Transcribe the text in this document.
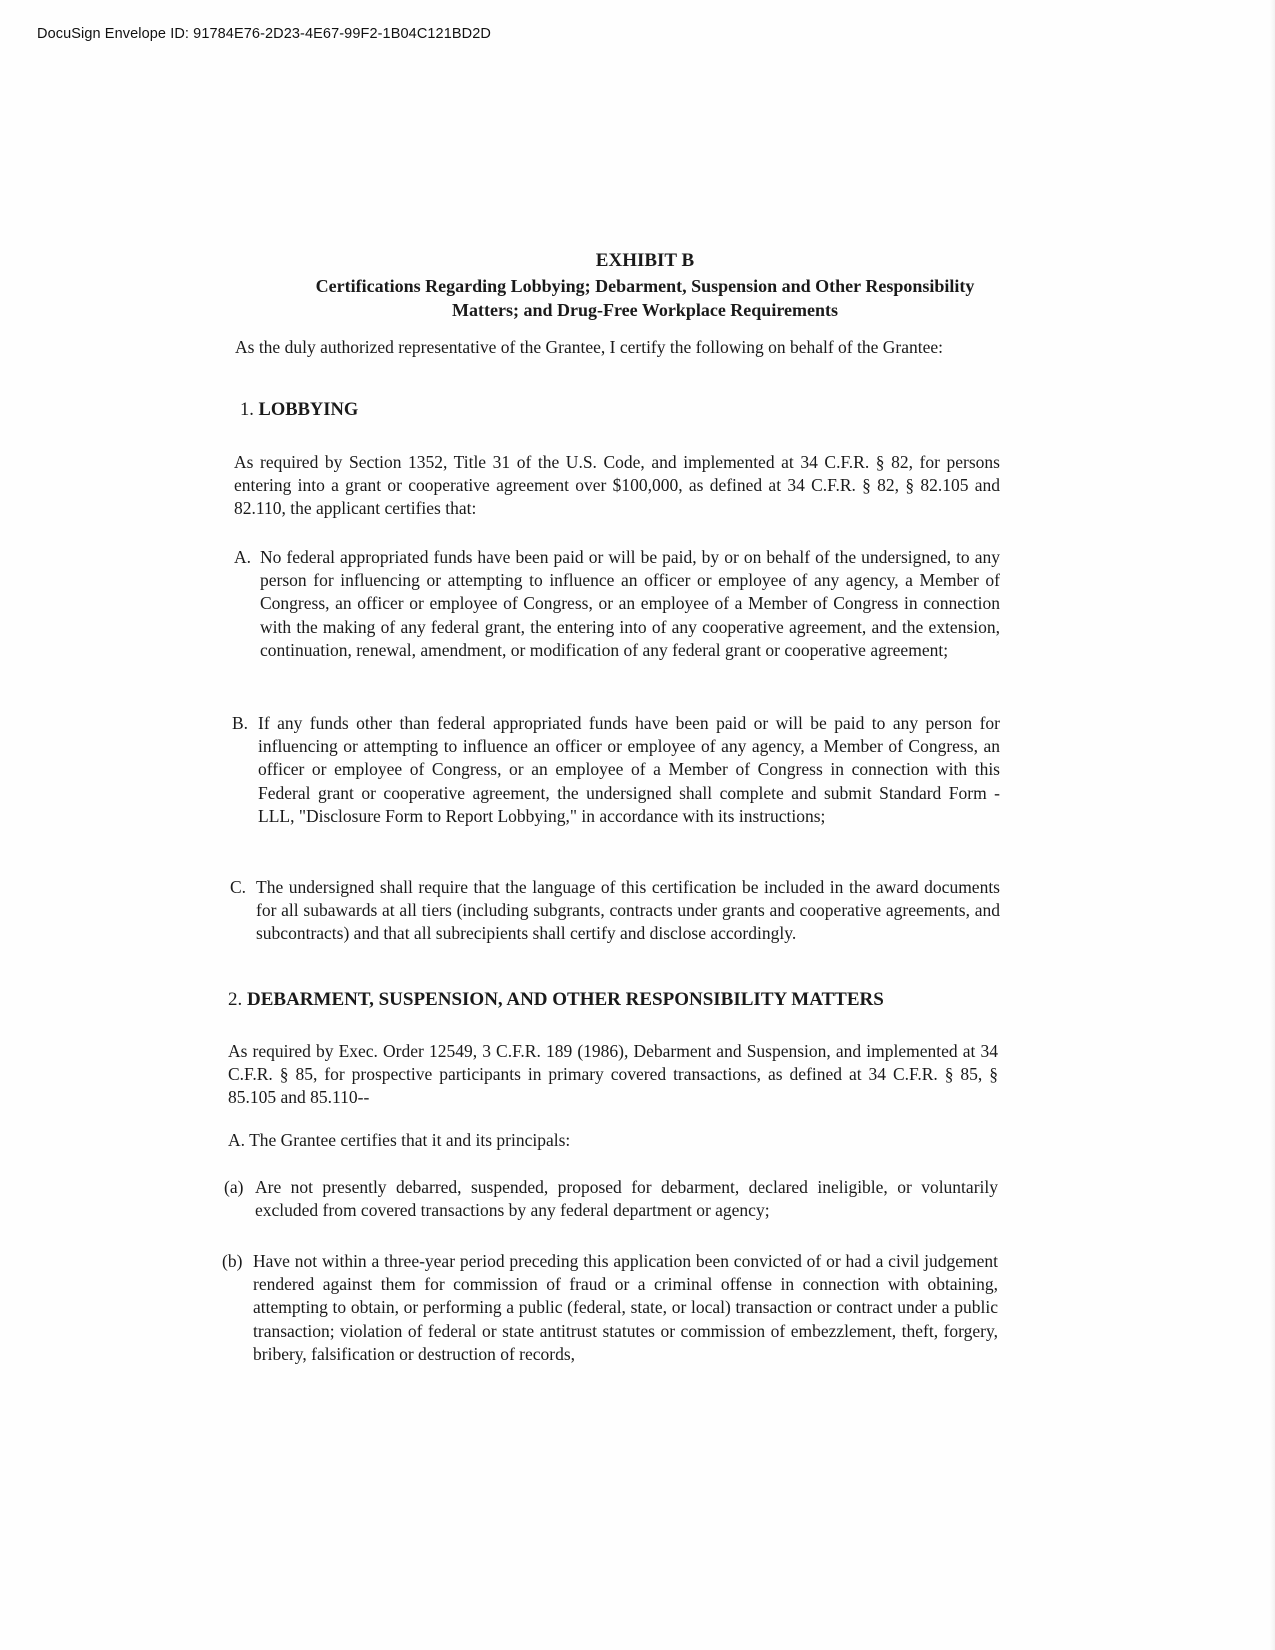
DocuSign Envelope ID: 91784E76-2D23-4E67-99F2-1B04C121BD2D
EXHIBIT B
Certifications Regarding Lobbying; Debarment, Suspension and Other Responsibility
Matters; and Drug-Free Workplace Requirements
As the duly authorized representative of the Grantee, I certify the following on behalf of the Grantee:
1. LOBBYING
As required by Section 1352, Title 31 of the U.S. Code, and implemented at 34 C.F.R. § 82, for persons entering into a grant or cooperative agreement over $100,000, as defined at 34 C.F.R. § 82, § 82.105 and 82.110, the applicant certifies that:
A. No federal appropriated funds have been paid or will be paid, by or on behalf of the undersigned, to any person for influencing or attempting to influence an officer or employee of any agency, a Member of Congress, an officer or employee of Congress, or an employee of a Member of Congress in connection with the making of any federal grant, the entering into of any cooperative agreement, and the extension, continuation, renewal, amendment, or modification of any federal grant or cooperative agreement;
B. If any funds other than federal appropriated funds have been paid or will be paid to any person for influencing or attempting to influence an officer or employee of any agency, a Member of Congress, an officer or employee of Congress, or an employee of a Member of Congress in connection with this Federal grant or cooperative agreement, the undersigned shall complete and submit Standard Form - LLL, "Disclosure Form to Report Lobbying," in accordance with its instructions;
C. The undersigned shall require that the language of this certification be included in the award documents for all subawards at all tiers (including subgrants, contracts under grants and cooperative agreements, and subcontracts) and that all subrecipients shall certify and disclose accordingly.
2. DEBARMENT, SUSPENSION, AND OTHER RESPONSIBILITY MATTERS
As required by Exec. Order 12549, 3 C.F.R. 189 (1986), Debarment and Suspension, and implemented at 34 C.F.R. § 85, for prospective participants in primary covered transactions, as defined at 34 C.F.R. § 85, § 85.105 and 85.110--
A. The Grantee certifies that it and its principals:
(a) Are not presently debarred, suspended, proposed for debarment, declared ineligible, or voluntarily excluded from covered transactions by any federal department or agency;
(b) Have not within a three-year period preceding this application been convicted of or had a civil judgement rendered against them for commission of fraud or a criminal offense in connection with obtaining, attempting to obtain, or performing a public (federal, state, or local) transaction or contract under a public transaction; violation of federal or state antitrust statutes or commission of embezzlement, theft, forgery, bribery, falsification or destruction of records,
